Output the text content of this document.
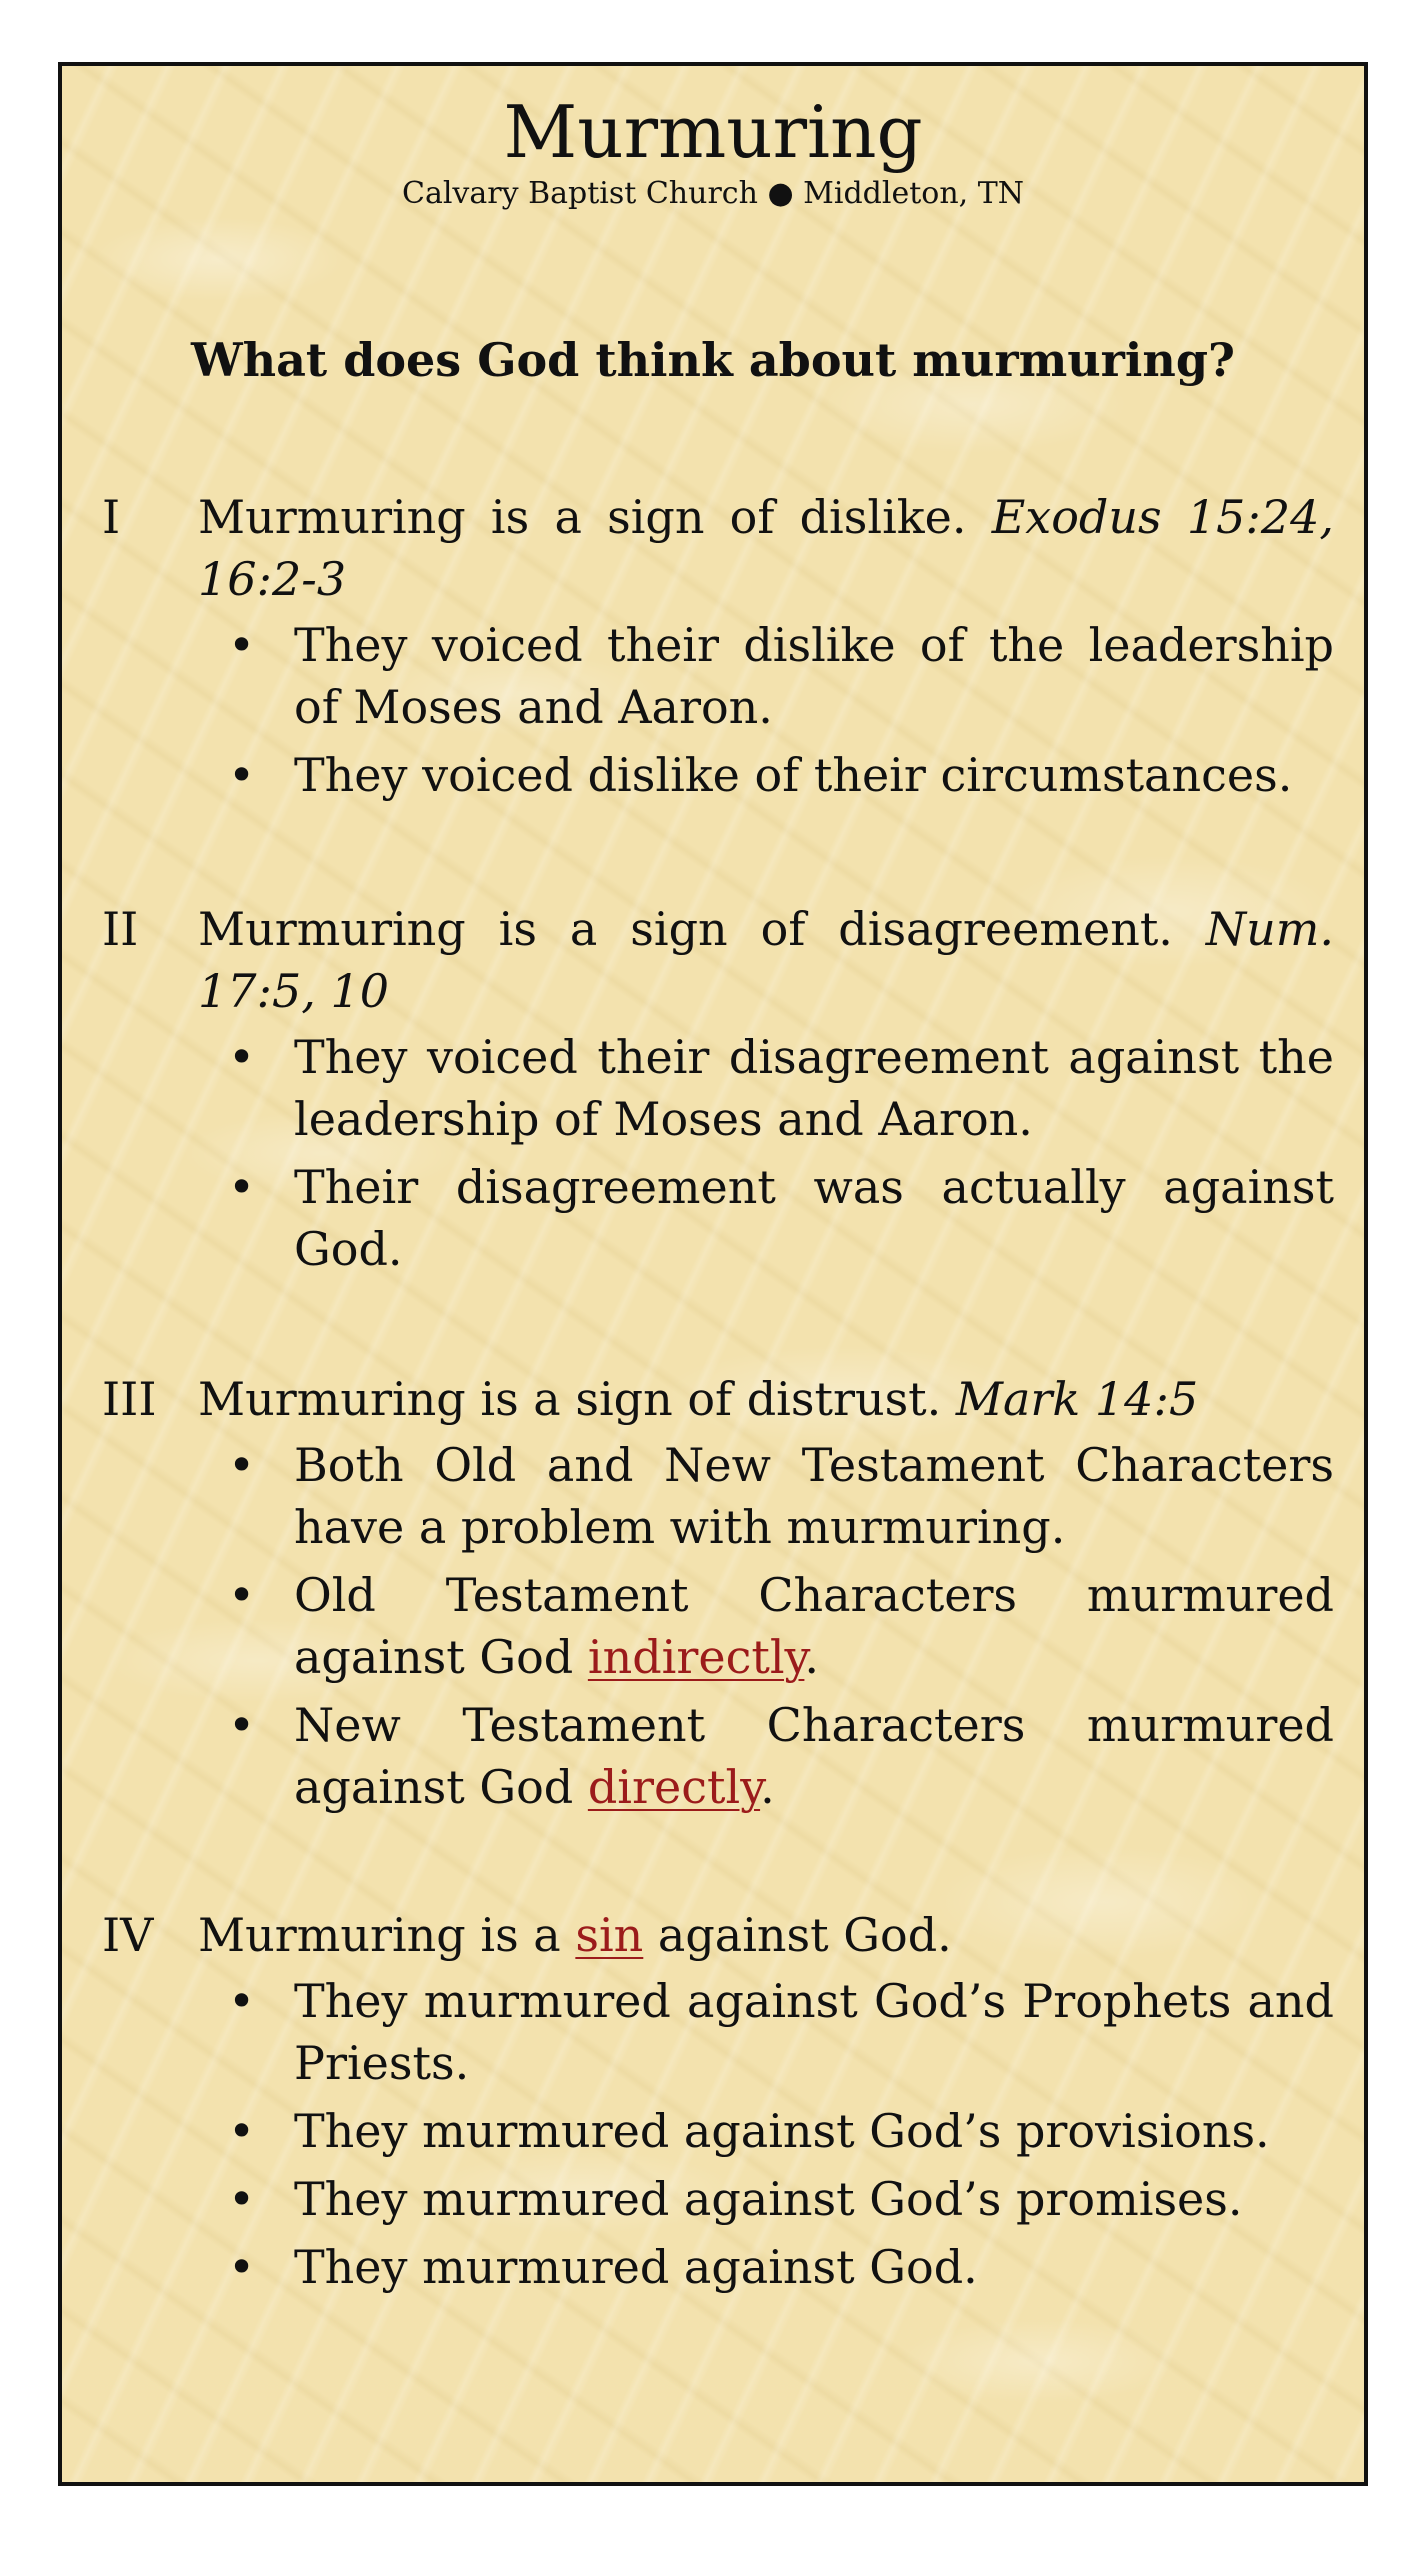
Murmuring
Calvary Baptist Church ● Middleton, TN
What does God think about murmuring?
I Murmuring is a sign of dislike. Exodus 15:24, 16:2-3
• They voiced their dislike of the leadership of Moses and Aaron.
• They voiced dislike of their circumstances.
II Murmuring is a sign of disagreement. Num. 17:5, 10
• They voiced their disagreement against the leadership of Moses and Aaron.
• Their disagreement was actually against God.
III Murmuring is a sign of distrust. Mark 14:5
• Both Old and New Testament Characters have a problem with murmuring.
• Old Testament Characters murmured against God indirectly.
• New Testament Characters murmured against God directly.
IV Murmuring is a sin against God.
• They murmured against God’s Prophets and Priests.
• They murmured against God’s provisions.
• They murmured against God’s promises.
• They murmured against God.
